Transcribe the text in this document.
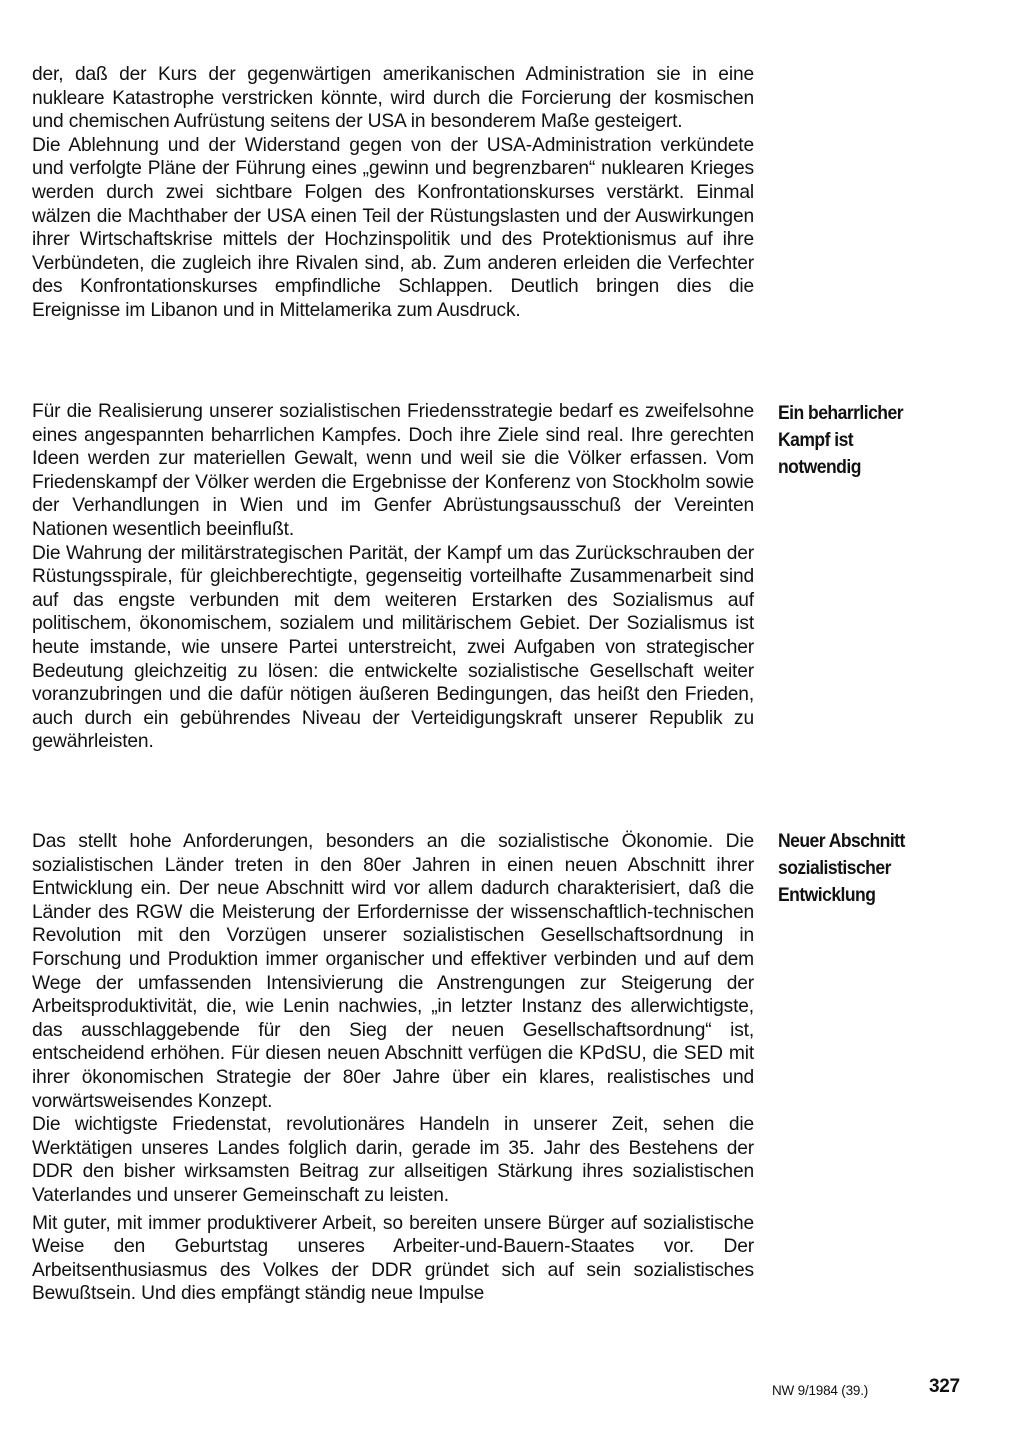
der, daß der Kurs der gegenwärtigen amerikanischen Administration sie in eine nukleare Katastrophe verstricken könnte, wird durch die Forcierung der kosmischen und chemischen Aufrüstung seitens der USA in besonderem Maße gesteigert.

Die Ablehnung und der Widerstand gegen von der USA-Administration verkündete und verfolgte Pläne der Führung eines „gewinn und begrenzbaren“ nuklearen Krieges werden durch zwei sichtbare Folgen des Konfrontationskurses verstärkt. Einmal wälzen die Machthaber der USA einen Teil der Rüstungslasten und der Auswirkungen ihrer Wirtschaftskrise mittels der Hochzinspolitik und des Protektionismus auf ihre Verbündeten, die zugleich ihre Rivalen sind, ab. Zum anderen erleiden die Verfechter des Konfrontationskurses empfindliche Schlappen. Deutlich bringen dies die Ereignisse im Libanon und in Mittelamerika zum Ausdruck.

Ein beharrlicher
Kampf ist
notwendig

Für die Realisierung unserer sozialistischen Friedensstrategie bedarf es zweifelsohne eines angespannten beharrlichen Kampfes. Doch ihre Ziele sind real. Ihre gerechten Ideen werden zur materiellen Gewalt, wenn und weil sie die Völker erfassen. Vom Friedenskampf der Völker werden die Ergebnisse der Konferenz von Stockholm sowie der Verhandlungen in Wien und im Genfer Abrüstungsausschuß der Vereinten Nationen wesentlich beeinflußt.

Die Wahrung der militärstrategischen Parität, der Kampf um das Zurückschrauben der Rüstungsspirale, für gleichberechtigte, gegenseitig vorteilhafte Zusammenarbeit sind auf das engste verbunden mit dem weiteren Erstarken des Sozialismus auf politischem, ökonomischem, sozialem und militärischem Gebiet. Der Sozialismus ist heute imstande, wie unsere Partei unterstreicht, zwei Aufgaben von strategischer Bedeutung gleichzeitig zu lösen: die entwickelte sozialistische Gesellschaft weiter voranzubringen und die dafür nötigen äußeren Bedingungen, das heißt den Frieden, auch durch ein gebührendes Niveau der Verteidigungskraft unserer Republik zu gewährleisten.

Neuer Abschnitt
sozialistischer
Entwicklung

Das stellt hohe Anforderungen, besonders an die sozialistische Ökonomie. Die sozialistischen Länder treten in den 80er Jahren in einen neuen Abschnitt ihrer Entwicklung ein. Der neue Abschnitt wird vor allem dadurch charakterisiert, daß die Länder des RGW die Meisterung der Erfordernisse der wissenschaftlich-technischen Revolution mit den Vorzügen unserer sozialistischen Gesellschaftsordnung in Forschung und Produktion immer organischer und effektiver verbinden und auf dem Wege der umfassenden Intensivierung die Anstrengungen zur Steigerung der Arbeitsproduktivität, die, wie Lenin nachwies, „in letzter Instanz des allerwichtigste, das ausschlaggebende für den Sieg der neuen Gesellschaftsordnung“ ist, entscheidend erhöhen. Für diesen neuen Abschnitt verfügen die KPdSU, die SED mit ihrer ökonomischen Strategie der 80er Jahre über ein klares, realistisches und vorwärtsweisendes Konzept.

Die wichtigste Friedenstat, revolutionäres Handeln in unserer Zeit, sehen die Werktätigen unseres Landes folglich darin, gerade im 35. Jahr des Bestehens der DDR den bisher wirksamsten Beitrag zur allseitigen Stärkung ihres sozialistischen Vaterlandes und unserer Gemeinschaft zu leisten.

Mit guter, mit immer produktiverer Arbeit, so bereiten unsere Bürger auf sozialistische Weise den Geburtstag unseres Arbeiter-und-Bauern-Staates vor. Der Arbeitsenthusiasmus des Volkes der DDR gründet sich auf sein sozialistisches Bewußtsein. Und dies empfängt ständig neue Impulse

NW 9/1984 (39.)	327
